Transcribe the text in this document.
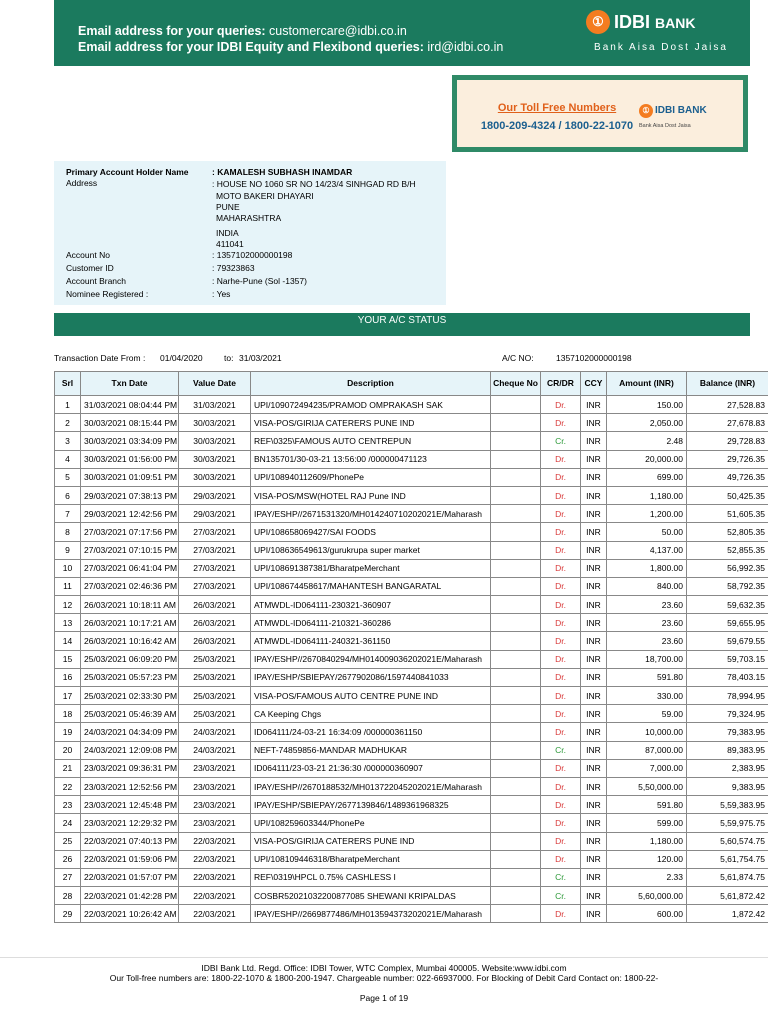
Email address for your queries: customercare@idbi.co.in
Email address for your IDBI Equity and Flexibond queries: ird@idbi.co.in
① IDBI BANK
Bank Aisa Dost Jaisa
Our Toll Free Numbers
1800-209-4324 / 1800-22-1070
① IDBI BANK
Bank Aisa Dost Jaisa
Primary Account Holder Name	: KAMALESH SUBHASH INAMDAR
Address	: HOUSE NO 1060 SR NO 14/23/4 SINHGAD RD B/H
MOTO BAKERI DHAYARI
PUNE
MAHARASHTRA
INDIA
411041
Account No	: 1357102000000198
Customer ID	: 79323863
Account Branch	: Narhe-Pune (Sol -1357)
Nominee Registered :	: Yes
YOUR A/C STATUS
Transaction Date From : 01/04/2020	to: 31/03/2021	A/C NO:	1357102000000198
Srl	Txn Date	Value Date	Description	Cheque No	CR/DR	CCY	Amount (INR)	Balance (INR)
1	31/03/2021 08:04:44 PM	31/03/2021	UPI/109072494235/PRAMOD OMPRAKASH SAK		Dr.	INR	150.00	27,528.83
2	30/03/2021 08:15:44 PM	30/03/2021	VISA-POS/GIRIJA CATERERS PUNE IND		Dr.	INR	2,050.00	27,678.83
3	30/03/2021 03:34:09 PM	30/03/2021	REF\0325\FAMOUS AUTO CENTREPUN		Cr.	INR	2.48	29,728.83
4	30/03/2021 01:56:00 PM	30/03/2021	BN135701/30-03-21 13:56:00 /000000471123		Dr.	INR	20,000.00	29,726.35
5	30/03/2021 01:09:51 PM	30/03/2021	UPI/108940112609/PhonePe		Dr.	INR	699.00	49,726.35
6	29/03/2021 07:38:13 PM	29/03/2021	VISA-POS/MSW(HOTEL RAJ Pune IND		Dr.	INR	1,180.00	50,425.35
7	29/03/2021 12:42:56 PM	29/03/2021	IPAY/ESHP//2671531320/MH014240710202021E/Maharash		Dr.	INR	1,200.00	51,605.35
8	27/03/2021 07:17:56 PM	27/03/2021	UPI/108658069427/SAI FOODS		Dr.	INR	50.00	52,805.35
9	27/03/2021 07:10:15 PM	27/03/2021	UPI/108636549613/gurukrupa super market		Dr.	INR	4,137.00	52,855.35
10	27/03/2021 06:41:04 PM	27/03/2021	UPI/108691387381/BharatpeMerchant		Dr.	INR	1,800.00	56,992.35
11	27/03/2021 02:46:36 PM	27/03/2021	UPI/108674458617/MAHANTESH BANGARATAL		Dr.	INR	840.00	58,792.35
12	26/03/2021 10:18:11 AM	26/03/2021	ATMWDL-ID064111-230321-360907		Dr.	INR	23.60	59,632.35
13	26/03/2021 10:17:21 AM	26/03/2021	ATMWDL-ID064111-210321-360286		Dr.	INR	23.60	59,655.95
14	26/03/2021 10:16:42 AM	26/03/2021	ATMWDL-ID064111-240321-361150		Dr.	INR	23.60	59,679.55
15	25/03/2021 06:09:20 PM	25/03/2021	IPAY/ESHP//2670840294/MH014009036202021E/Maharash		Dr.	INR	18,700.00	59,703.15
16	25/03/2021 05:57:23 PM	25/03/2021	IPAY/ESHP/SBIEPAY/2677902086/1597440841033		Dr.	INR	591.80	78,403.15
17	25/03/2021 02:33:30 PM	25/03/2021	VISA-POS/FAMOUS AUTO CENTRE PUNE IND		Dr.	INR	330.00	78,994.95
18	25/03/2021 05:46:39 AM	25/03/2021	CA Keeping Chgs		Dr.	INR	59.00	79,324.95
19	24/03/2021 04:34:09 PM	24/03/2021	ID064111/24-03-21 16:34:09 /000000361150		Dr.	INR	10,000.00	79,383.95
20	24/03/2021 12:09:08 PM	24/03/2021	NEFT-74859856-MANDAR MADHUKAR		Cr.	INR	87,000.00	89,383.95
21	23/03/2021 09:36:31 PM	23/03/2021	ID064111/23-03-21 21:36:30 /000000360907		Dr.	INR	7,000.00	2,383.95
22	23/03/2021 12:52:56 PM	23/03/2021	IPAY/ESHP//2670188532/MH013722045202021E/Maharash		Dr.	INR	5,50,000.00	9,383.95
23	23/03/2021 12:45:48 PM	23/03/2021	IPAY/ESHP/SBIEPAY/2677139846/1489361968325		Dr.	INR	591.80	5,59,383.95
24	23/03/2021 12:29:32 PM	23/03/2021	UPI/108259603344/PhonePe		Dr.	INR	599.00	5,59,975.75
25	22/03/2021 07:40:13 PM	22/03/2021	VISA-POS/GIRIJA CATERERS PUNE IND		Dr.	INR	1,180.00	5,60,574.75
26	22/03/2021 01:59:06 PM	22/03/2021	UPI/108109446318/BharatpeMerchant		Dr.	INR	120.00	5,61,754.75
27	22/03/2021 01:57:07 PM	22/03/2021	REF\0319\HPCL 0.75% CASHLESS I		Cr.	INR	2.33	5,61,874.75
28	22/03/2021 01:42:28 PM	22/03/2021	COSBR52021032200877085 SHEWANI KRIPALDAS		Cr.	INR	5,60,000.00	5,61,872.42
29	22/03/2021 10:26:42 AM	22/03/2021	IPAY/ESHP//2669877486/MH013594373202021E/Maharash		Dr.	INR	600.00	1,872.42
IDBI Bank Ltd. Regd. Office: IDBI Tower, WTC Complex, Mumbai 400005. Website:www.idbi.com
Our Toll-free numbers are: 1800-22-1070 & 1800-200-1947. Chargeable number: 022-66937000. For Blocking of Debit Card Contact on: 1800-22-
Page 1 of 19
